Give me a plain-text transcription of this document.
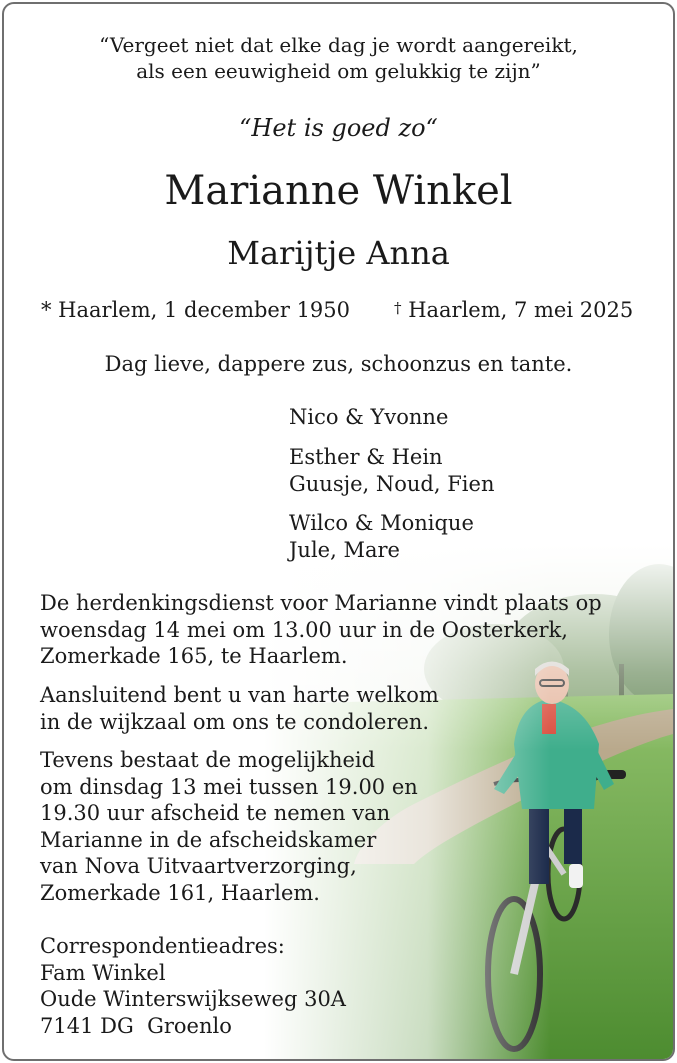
“Vergeet niet dat elke dag je wordt aangereikt,
als een eeuwigheid om gelukkig te zijn”
“Het is goed zo“
Marianne Winkel
Marijtje Anna
* Haarlem, 1 december 1950	† Haarlem, 7 mei 2025
Dag lieve, dappere zus, schoonzus en tante.
Nico & Yvonne
Esther & Hein
Guusje, Noud, Fien
Wilco & Monique
Jule, Mare
De herdenkingsdienst voor Marianne vindt plaats op
woensdag 14 mei om 13.00 uur in de Oosterkerk,
Zomerkade 165, te Haarlem.
Aansluitend bent u van harte welkom
in de wijkzaal om ons te condoleren.
Tevens bestaat de mogelijkheid
om dinsdag 13 mei tussen 19.00 en
19.30 uur afscheid te nemen van
Marianne in de afscheidskamer
van Nova Uitvaartverzorging,
Zomerkade 161, Haarlem.
Correspondentieadres:
Fam Winkel
Oude Winterswijkseweg 30A
7141 DG  Groenlo
